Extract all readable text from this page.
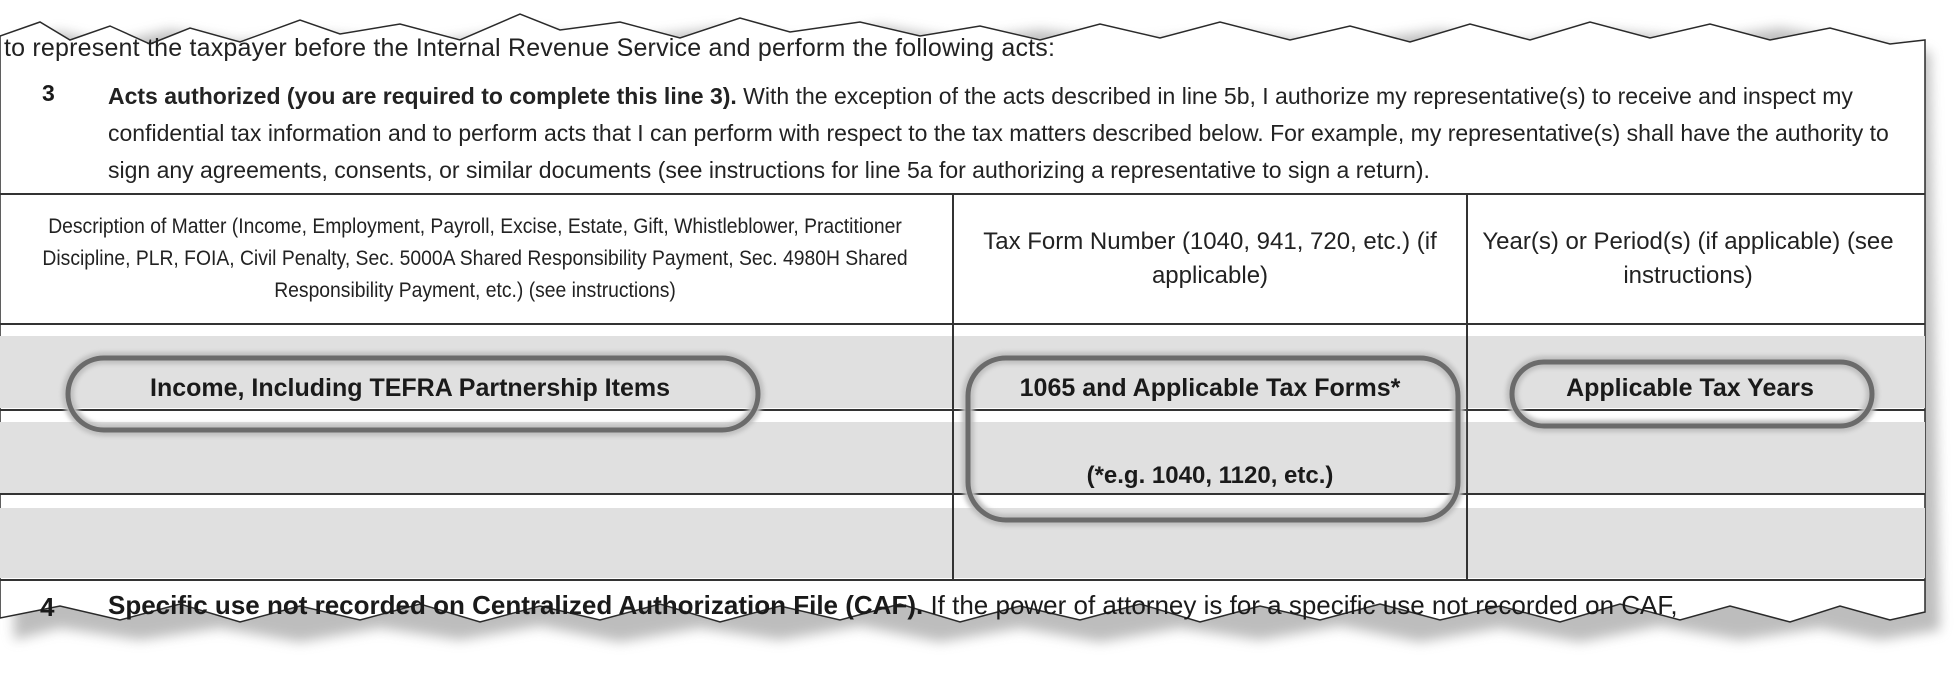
to represent the taxpayer before the Internal Revenue Service and perform the following acts:
3 Acts authorized (you are required to complete this line 3). With the exception of the acts described in line 5b, I authorize my representative(s) to receive and inspect my confidential tax information and to perform acts that I can perform with respect to the tax matters described below. For example, my representative(s) shall have the authority to sign any agreements, consents, or similar documents (see instructions for line 5a for authorizing a representative to sign a return).
Description of Matter (Income, Employment, Payroll, Excise, Estate, Gift, Whistleblower, Practitioner Discipline, PLR, FOIA, Civil Penalty, Sec. 5000A Shared Responsibility Payment, Sec. 4980H Shared Responsibility Payment, etc.) (see instructions)
Tax Form Number (1040, 941, 720, etc.) (if applicable)
Year(s) or Period(s) (if applicable) (see instructions)
Income, Including TEFRA Partnership Items	1065 and Applicable Tax Forms*	Applicable Tax Years
(*e.g. 1040, 1120, etc.)
4 Specific use not recorded on Centralized Authorization File (CAF). If the power of attorney is for a specific use not recorded on CAF,
